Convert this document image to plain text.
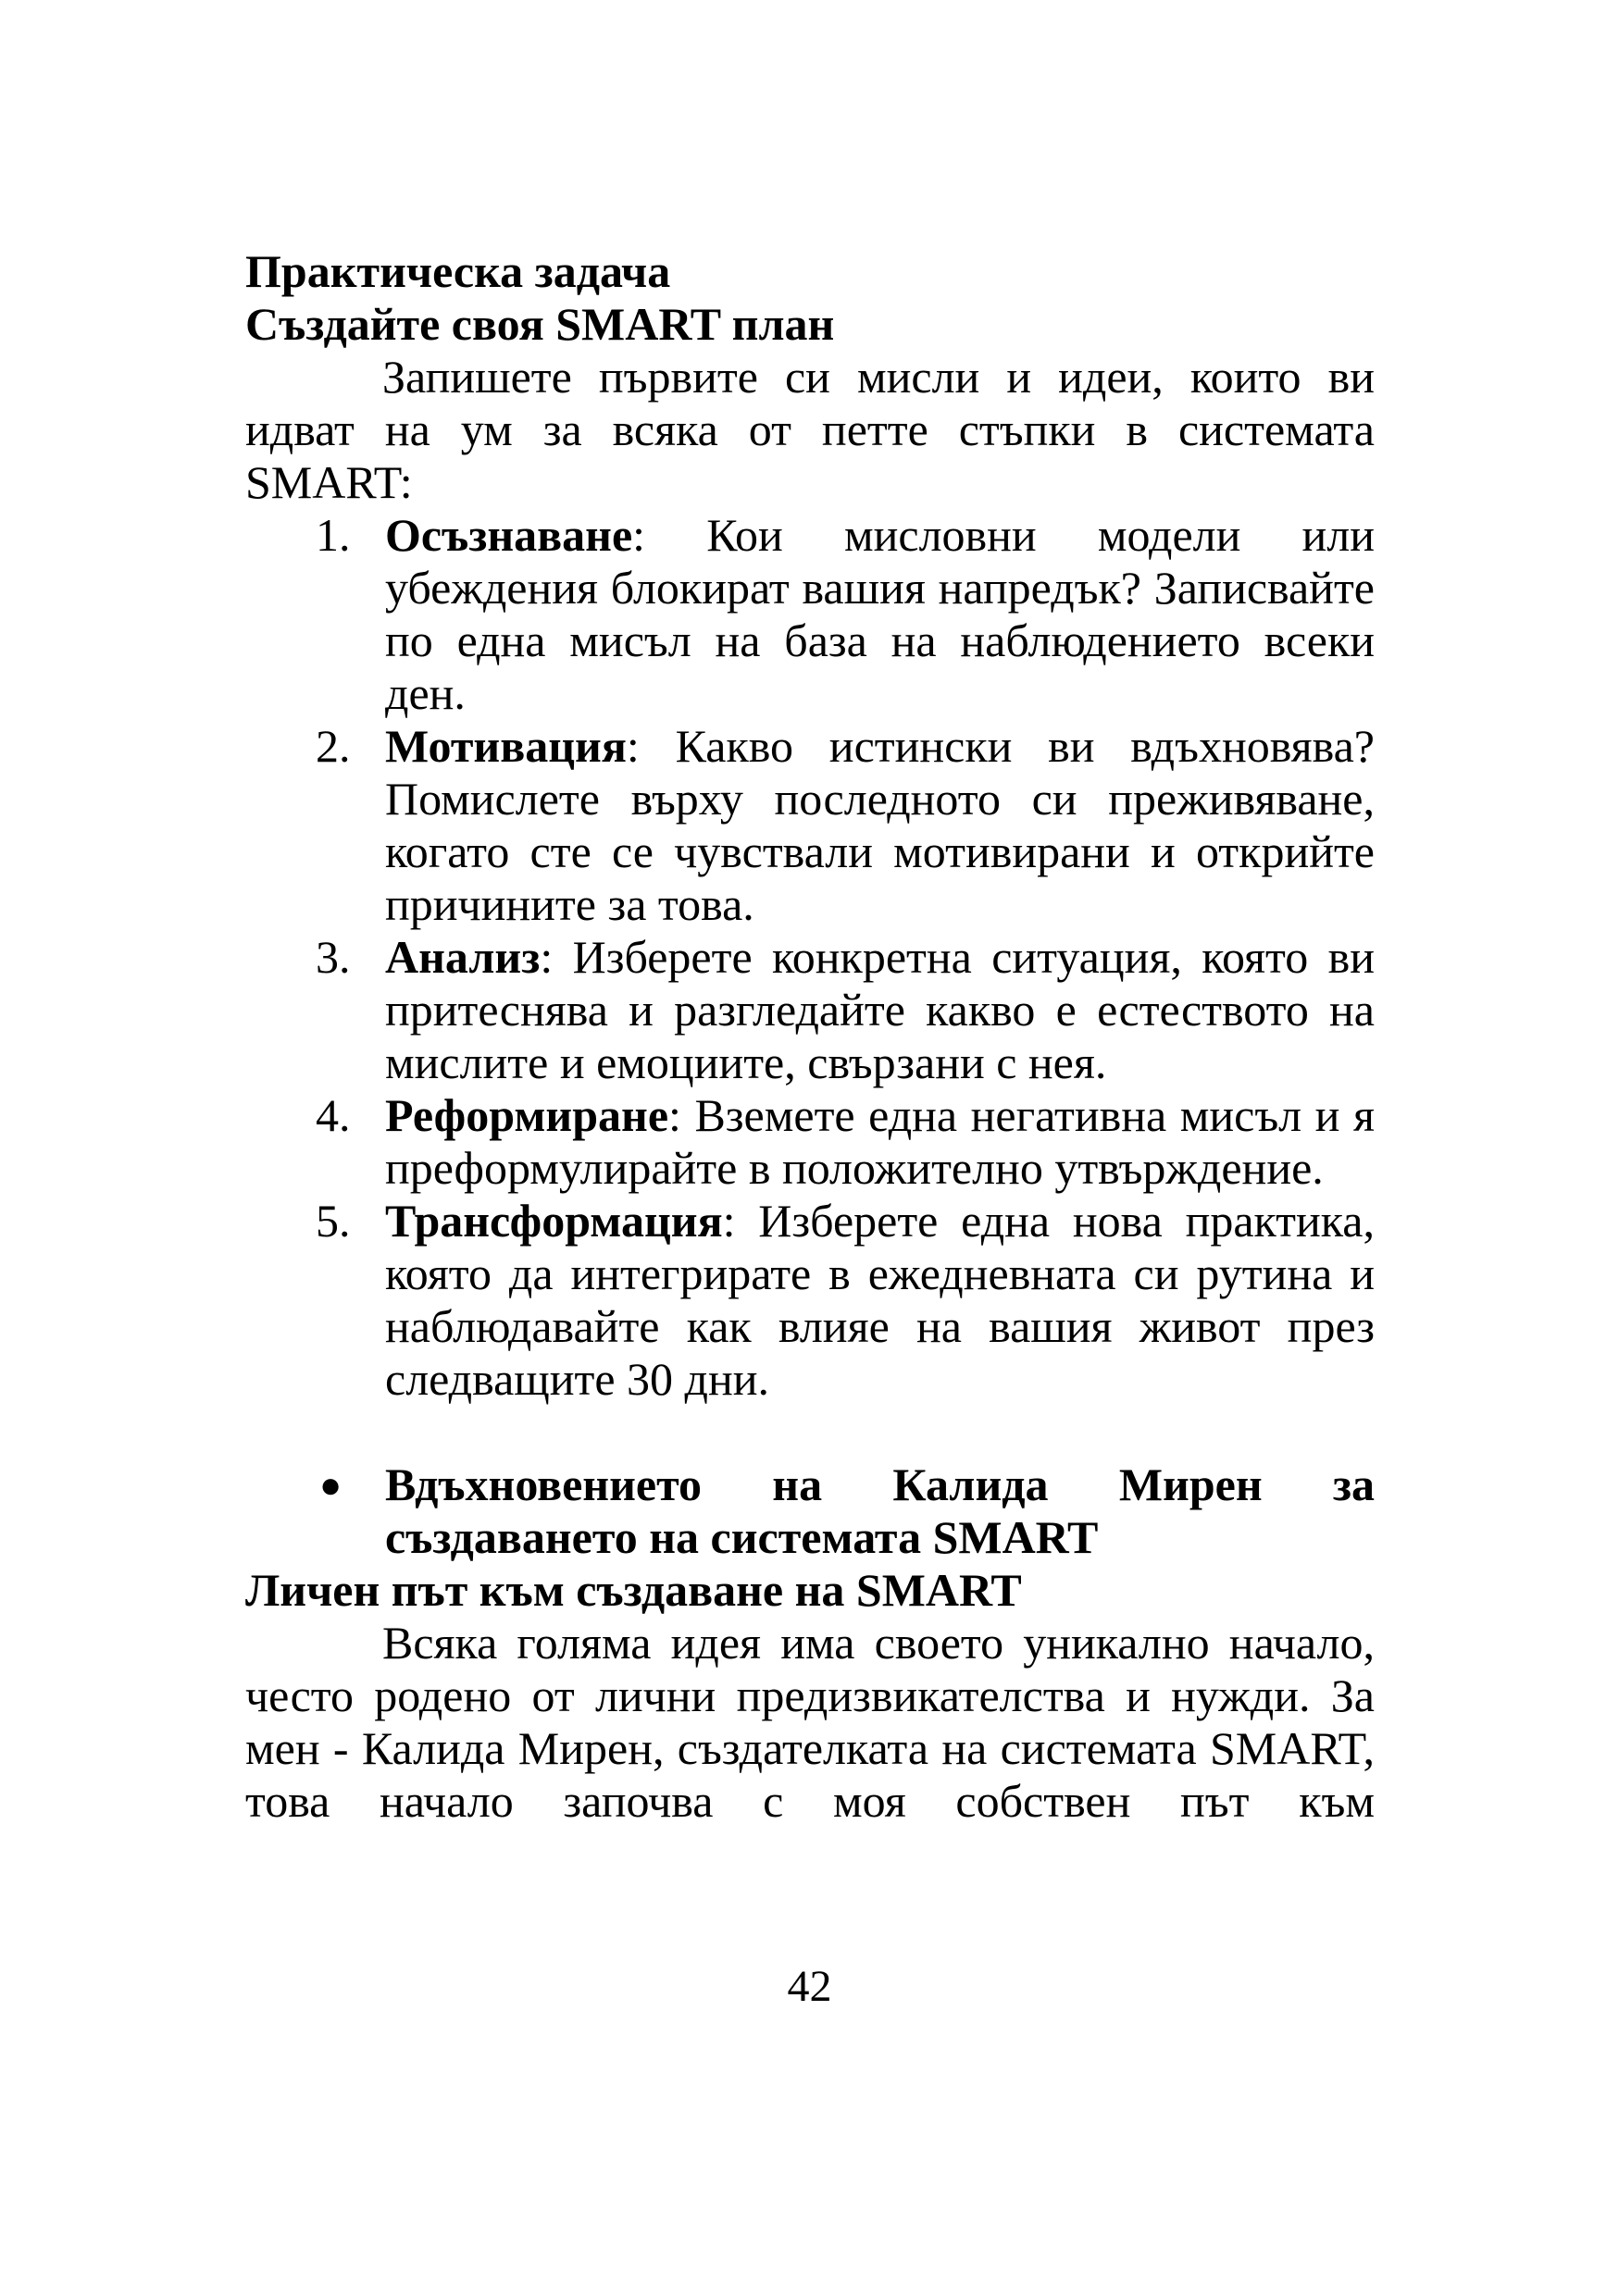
Практическа задача
Създайте своя SMART план
Запишете първите си мисли и идеи, които ви идват на ум за всяка от петте стъпки в системата SMART:
1. Осъзнаване: Кои мисловни модели или убеждения блокират вашия напредък? Записвайте по една мисъл на база на наблюдението всеки ден.
2. Мотивация: Какво истински ви вдъхновява? Помислете върху последното си преживяване, когато сте се чувствали мотивирани и открийте причините за това.
3. Анализ: Изберете конкретна ситуация, която ви притеснява и разгледайте какво е естеството на мислите и емоциите, свързани с нея.
4. Реформиране: Вземете една негативна мисъл и я преформулирайте в положително утвърждение.
5. Трансформация: Изберете една нова практика, която да интегрирате в ежедневната си рутина и наблюдавайте как влияе на вашия живот през следващите 30 дни.
● Вдъхновението на Калида Мирен за създаването на системата SMART
Личен път към създаване на SMART
Всяка голяма идея има своето уникално начало, често родено от лични предизвикателства и нужди. За мен - Калида Мирен, създателката на системата SMART, това начало започва с моя собствен път към
42
